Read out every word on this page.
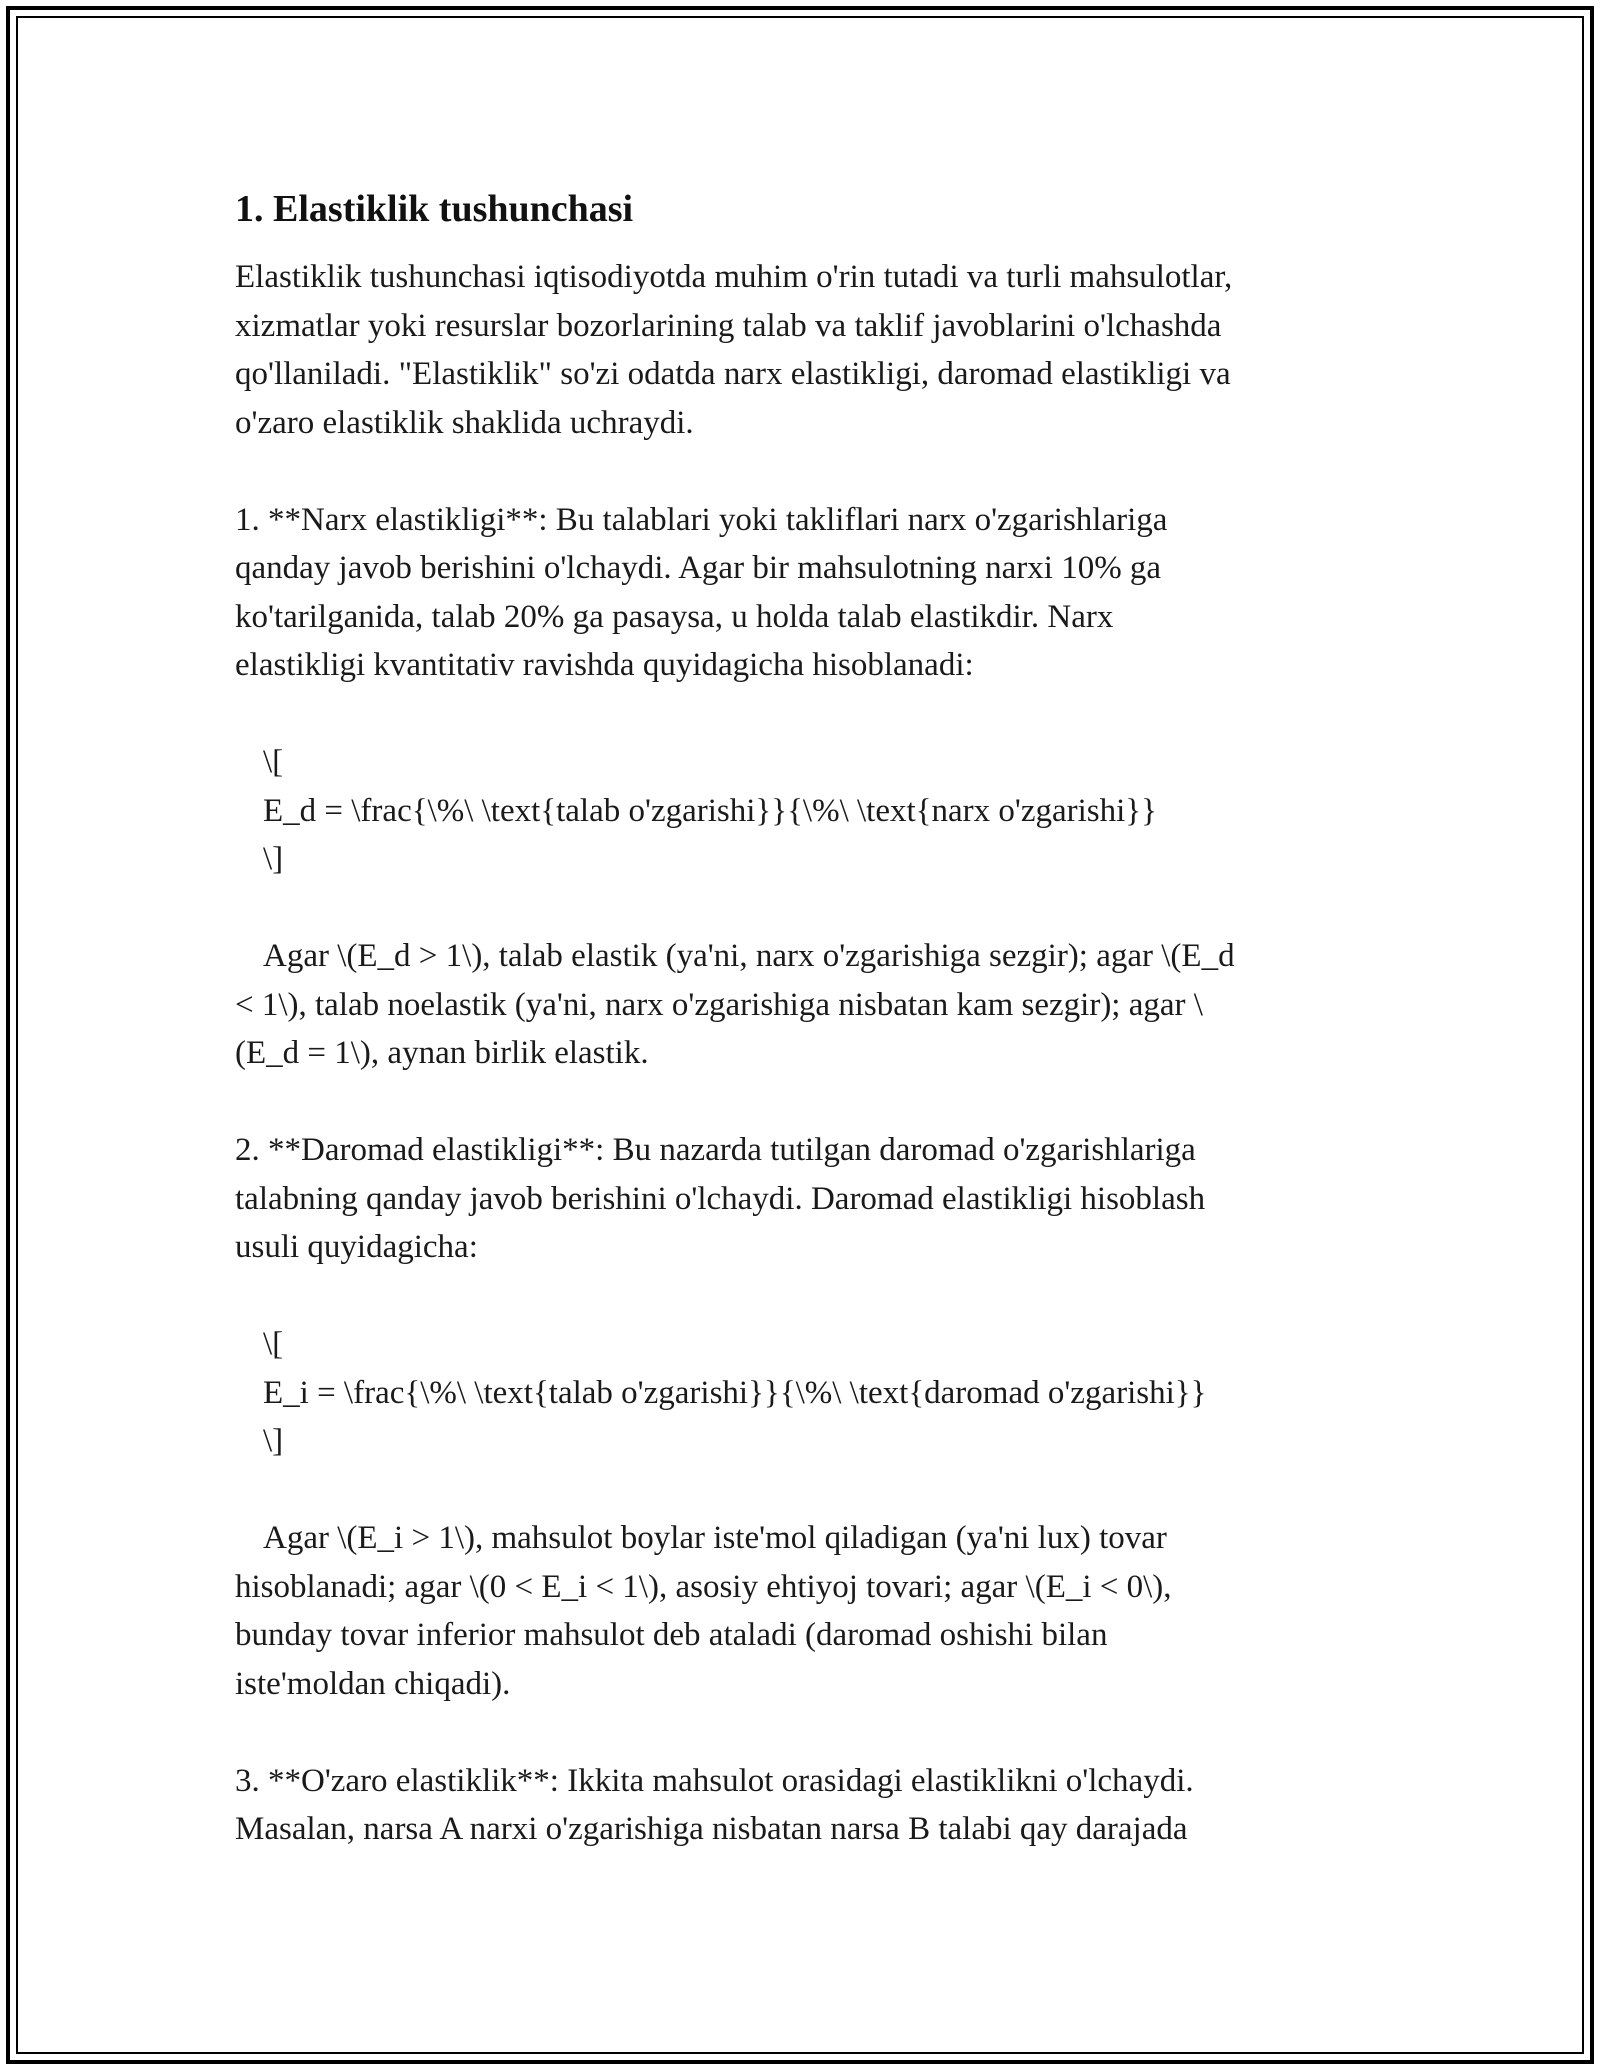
1. Elastiklik tushunchasi
Elastiklik tushunchasi iqtisodiyotda muhim o'rin tutadi va turli mahsulotlar,
xizmatlar yoki resurslar bozorlarining talab va taklif javoblarini o'lchashda
qo'llaniladi. "Elastiklik" so'zi odatda narx elastikligi, daromad elastikligi va
o'zaro elastiklik shaklida uchraydi.
1. **Narx elastikligi**: Bu talablari yoki takliflari narx o'zgarishlariga
qanday javob berishini o'lchaydi. Agar bir mahsulotning narxi 10% ga
ko'tarilganida, talab 20% ga pasaysa, u holda talab elastikdir. Narx
elastikligi kvantitativ ravishda quyidagicha hisoblanadi:
\[
E_d = \frac{\%\ \text{talab o'zgarishi}}{\%\ \text{narx o'zgarishi}}
\]
Agar \(E_d > 1\), talab elastik (ya'ni, narx o'zgarishiga sezgir); agar \(E_d
< 1\), talab noelastik (ya'ni, narx o'zgarishiga nisbatan kam sezgir); agar \
(E_d = 1\), aynan birlik elastik.
2. **Daromad elastikligi**: Bu nazarda tutilgan daromad o'zgarishlariga
talabning qanday javob berishini o'lchaydi. Daromad elastikligi hisoblash
usuli quyidagicha:
\[
E_i = \frac{\%\ \text{talab o'zgarishi}}{\%\ \text{daromad o'zgarishi}}
\]
Agar \(E_i > 1\), mahsulot boylar iste'mol qiladigan (ya'ni lux) tovar
hisoblanadi; agar \(0 < E_i < 1\), asosiy ehtiyoj tovari; agar \(E_i < 0\),
bunday tovar inferior mahsulot deb ataladi (daromad oshishi bilan
iste'moldan chiqadi).
3. **O'zaro elastiklik**: Ikkita mahsulot orasidagi elastiklikni o'lchaydi.
Masalan, narsa A narxi o'zgarishiga nisbatan narsa B talabi qay darajada
